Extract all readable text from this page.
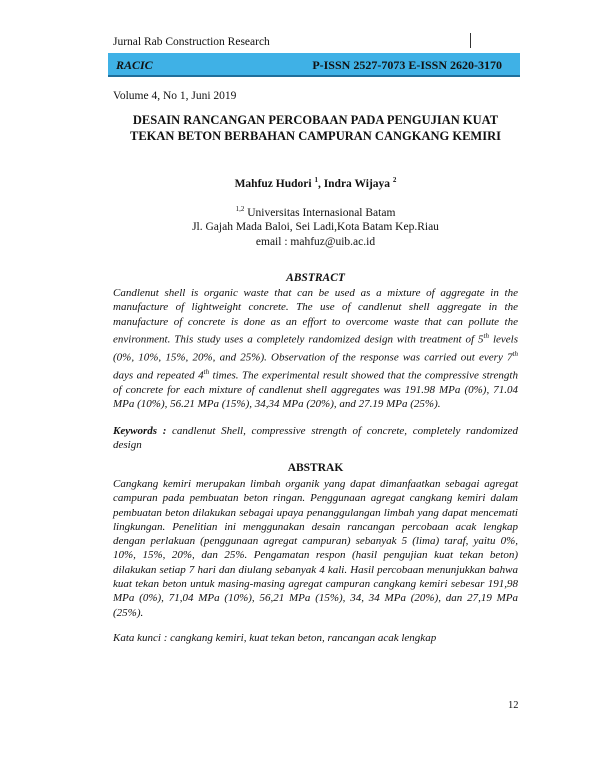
Jurnal Rab Construction Research
RACIC	P-ISSN 2527-7073 E-ISSN 2620-3170
Volume 4, No 1, Juni 2019
DESAIN RANCANGAN PERCOBAAN PADA PENGUJIAN KUAT TEKAN BETON BERBAHAN CAMPURAN CANGKANG KEMIRI
Mahfuz Hudori $^1$, Indra Wijaya $^2$
$^{1,2}$ Universitas Internasional Batam
Jl. Gajah Mada Baloi, Sei Ladi,Kota Batam Kep.Riau
email : mahfuz@uib.ac.id
ABSTRACT
Candlenut shell is organic waste that can be used as a mixture of aggregate in the manufacture of lightweight concrete. The use of candlenut shell aggregate in the manufacture of concrete is done as an effort to overcome waste that can pollute the environment. This study uses a completely randomized design with treatment of 5th levels (0%, 10%, 15%, 20%, and 25%). Observation of the response was carried out every 7th days and repeated 4th times. The experimental result showed that the compressive strength of concrete for each mixture of candlenut shell aggregates was 191.98 MPa (0%), 71.04 MPa (10%), 56.21 MPa (15%), 34,34 MPa (20%), and 27.19 MPa (25%).
Keywords : candlenut Shell, compressive strength of concrete, completely randomized design
ABSTRAK
Cangkang kemiri merupakan limbah organik yang dapat dimanfaatkan sebagai agregat campuran pada pembuatan beton ringan. Penggunaan agregat cangkang kemiri dalam pembuatan beton dilakukan sebagai upaya penanggulangan limbah yang dapat mencemati lingkungan. Penelitian ini menggunakan desain rancangan percobaan acak lengkap dengan perlakuan (penggunaan agregat campuran) sebanyak 5 (lima) taraf, yaitu 0%, 10%, 15%, 20%, dan 25%. Pengamatan respon (hasil pengujian kuat tekan beton) dilakukan setiap 7 hari dan diulang sebanyak 4 kali. Hasil percobaan menunjukkan bahwa kuat tekan beton untuk masing-masing agregat campuran cangkang kemiri sebesar 191,98 MPa (0%), 71,04 MPa (10%), 56,21 MPa (15%), 34, 34 MPa (20%), dan 27,19 MPa (25%).
Kata kunci : cangkang kemiri, kuat tekan beton, rancangan acak lengkap
12
